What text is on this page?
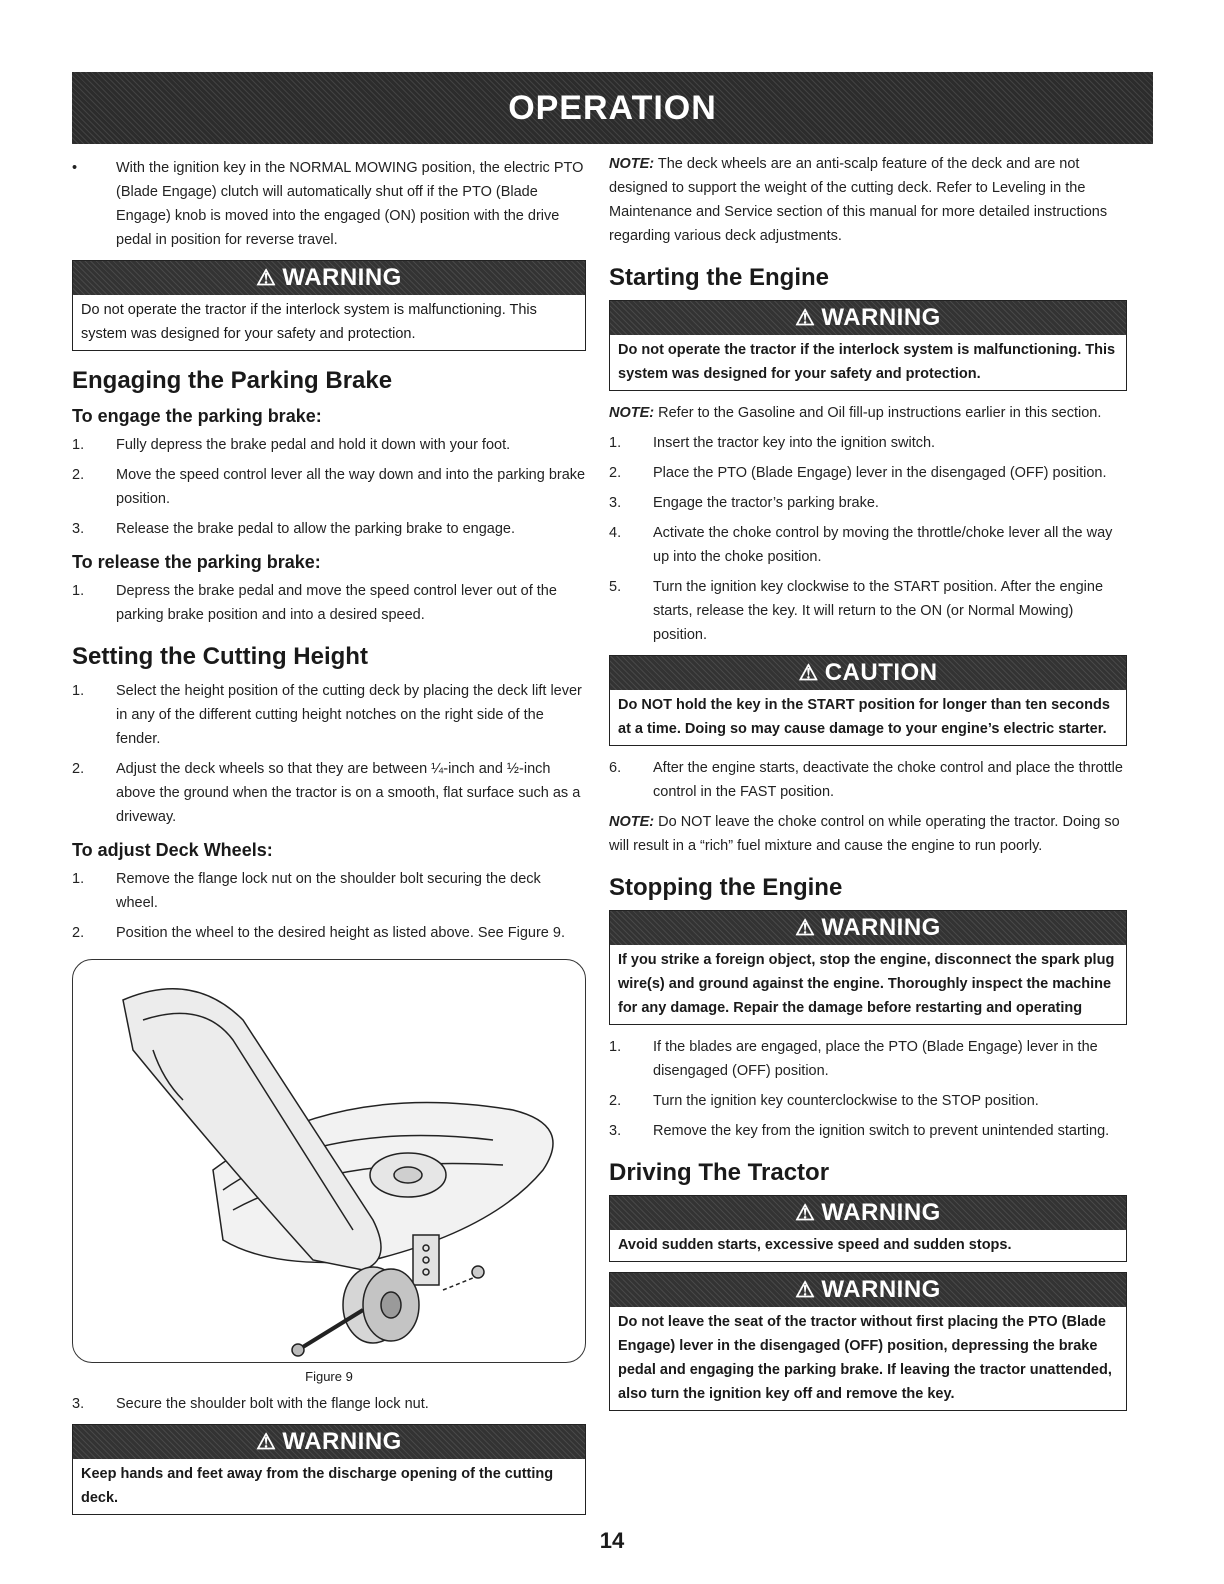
OPERATION
•	With the ignition key in the NORMAL MOWING position, the electric PTO (Blade Engage) clutch will automatically shut off if the PTO (Blade Engage) knob is moved into the engaged (ON) position with the drive pedal in position for reverse travel.
⚠ WARNING
Do not operate the tractor if the interlock system is malfunctioning. This system was designed for your safety and protection.
Engaging the Parking Brake
To engage the parking brake:
1.	Fully depress the brake pedal and hold it down with your foot.
2.	Move the speed control lever all the way down and into the parking brake position.
3.	Release the brake pedal to allow the parking brake to engage.
To release the parking brake:
1.	Depress the brake pedal and move the speed control lever out of the parking brake position and into a desired speed.
Setting the Cutting Height
1.	Select the height position of the cutting deck by placing the deck lift lever in any of the different cutting height notches on the right side of the fender.
2.	Adjust the deck wheels so that they are between ¼-inch and ½-inch above the ground when the tractor is on a smooth, flat surface such as a driveway.
To adjust Deck Wheels:
1.	Remove the flange lock nut on the shoulder bolt securing the deck wheel.
2.	Position the wheel to the desired height as listed above. See Figure 9.
Figure 9
3.	Secure the shoulder bolt with the flange lock nut.
⚠ WARNING
Keep hands and feet away from the discharge opening of the cutting deck.
NOTE: The deck wheels are an anti-scalp feature of the deck and are not designed to support the weight of the cutting deck. Refer to Leveling in the Maintenance and Service section of this manual for more detailed instructions regarding various deck adjustments.
Starting the Engine
⚠ WARNING
Do not operate the tractor if the interlock system is malfunctioning. This system was designed for your safety and protection.
NOTE: Refer to the Gasoline and Oil fill-up instructions earlier in this section.
1.	Insert the tractor key into the ignition switch.
2.	Place the PTO (Blade Engage) lever in the disengaged (OFF) position.
3.	Engage the tractor’s parking brake.
4.	Activate the choke control by moving the throttle/choke lever all the way up into the choke position.
5.	Turn the ignition key clockwise to the START position. After the engine starts, release the key. It will return to the ON (or Normal Mowing) position.
⚠ CAUTION
Do NOT hold the key in the START position for longer than ten seconds at a time. Doing so may cause damage to your engine’s electric starter.
6.	After the engine starts, deactivate the choke control and place the throttle control in the FAST position.
NOTE: Do NOT leave the choke control on while operating the tractor. Doing so will result in a “rich” fuel mixture and cause the engine to run poorly.
Stopping the Engine
⚠ WARNING
If you strike a foreign object, stop the engine, disconnect the spark plug wire(s) and ground against the engine. Thoroughly inspect the machine for any damage. Repair the damage before restarting and operating
1.	If the blades are engaged, place the PTO (Blade Engage) lever in the disengaged (OFF) position.
2.	Turn the ignition key counterclockwise to the STOP position.
3.	Remove the key from the ignition switch to prevent unintended starting.
Driving The Tractor
⚠ WARNING
Avoid sudden starts, excessive speed and sudden stops.
⚠ WARNING
Do not leave the seat of the tractor without first placing the PTO (Blade Engage) lever in the disengaged (OFF) position, depressing the brake pedal and engaging the parking brake. If leaving the tractor unattended, also turn the ignition key off and remove the key.
14
